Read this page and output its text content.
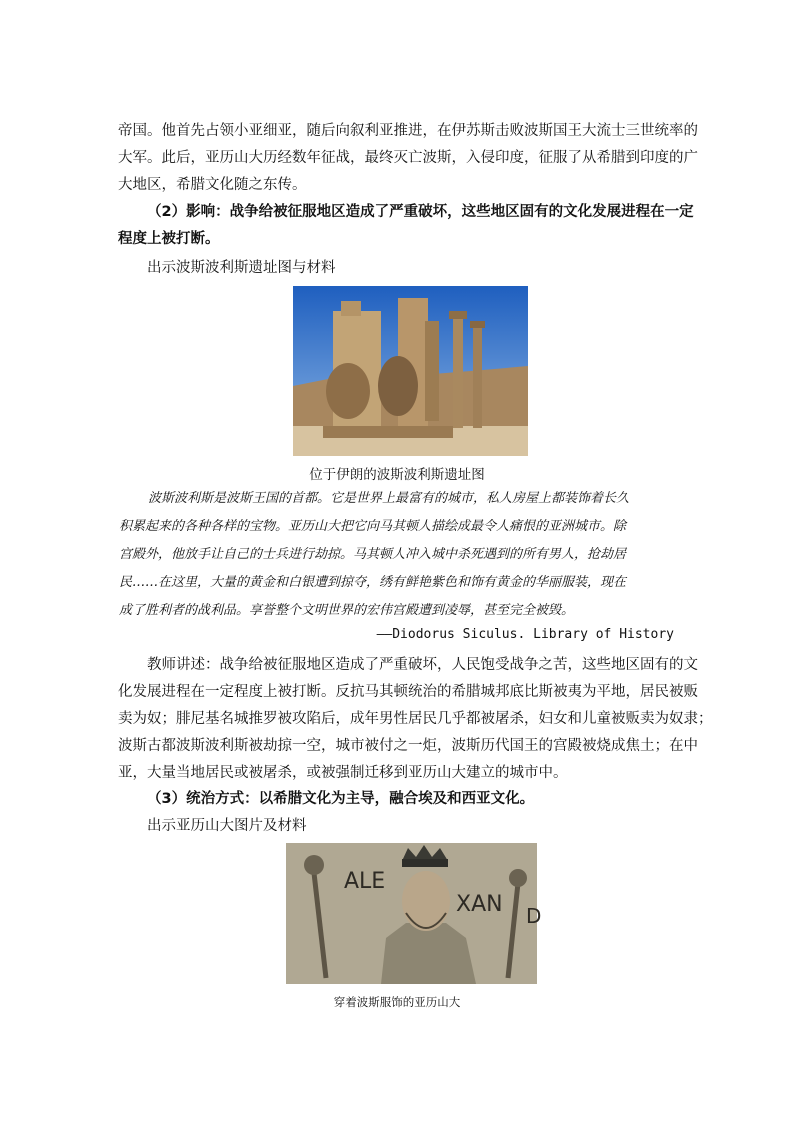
帝国。他首先占领小亚细亚，随后向叙利亚推进，在伊苏斯击败波斯国王大流士三世统率的
大军。此后，亚历山大历经数年征战，最终灭亡波斯，入侵印度，征服了从希腊到印度的广
大地区，希腊文化随之东传。

（2）影响：战争给被征服地区造成了严重破坏，这些地区固有的文化发展进程在一定
程度上被打断。

出示波斯波利斯遗址图与材料

位于伊朗的波斯波利斯遗址图
波斯波利斯是波斯王国的首都。它是世界上最富有的城市，私人房屋上都装饰着长久
积累起来的各种各样的宝物。亚历山大把它向马其顿人描绘成最令人痛恨的亚洲城市。除
宫殿外，他放手让自己的士兵进行劫掠。马其顿人冲入城中杀死遇到的所有男人，抢劫居
民……在这里，大量的黄金和白银遭到掠夺，绣有鲜艳紫色和饰有黄金的华丽服装，现在
成了胜利者的战利品。享誉整个文明世界的宏伟宫殿遭到凌辱，甚至完全被毁。
——Diodorus Siculus. Library of History

教师讲述：战争给被征服地区造成了严重破坏，人民饱受战争之苦，这些地区固有的文
化发展进程在一定程度上被打断。反抗马其顿统治的希腊城邦底比斯被夷为平地，居民被贩
卖为奴；腓尼基名城推罗被攻陷后，成年男性居民几乎都被屠杀，妇女和儿童被贩卖为奴隶；
波斯古都波斯波利斯被劫掠一空，城市被付之一炬，波斯历代国王的宫殿被烧成焦土；在中
亚，大量当地居民或被屠杀，或被强制迁移到亚历山大建立的城市中。

（3）统治方式：以希腊文化为主导，融合埃及和西亚文化。

出示亚历山大图片及材料

ALE
XAN D
穿着波斯服饰的亚历山大
